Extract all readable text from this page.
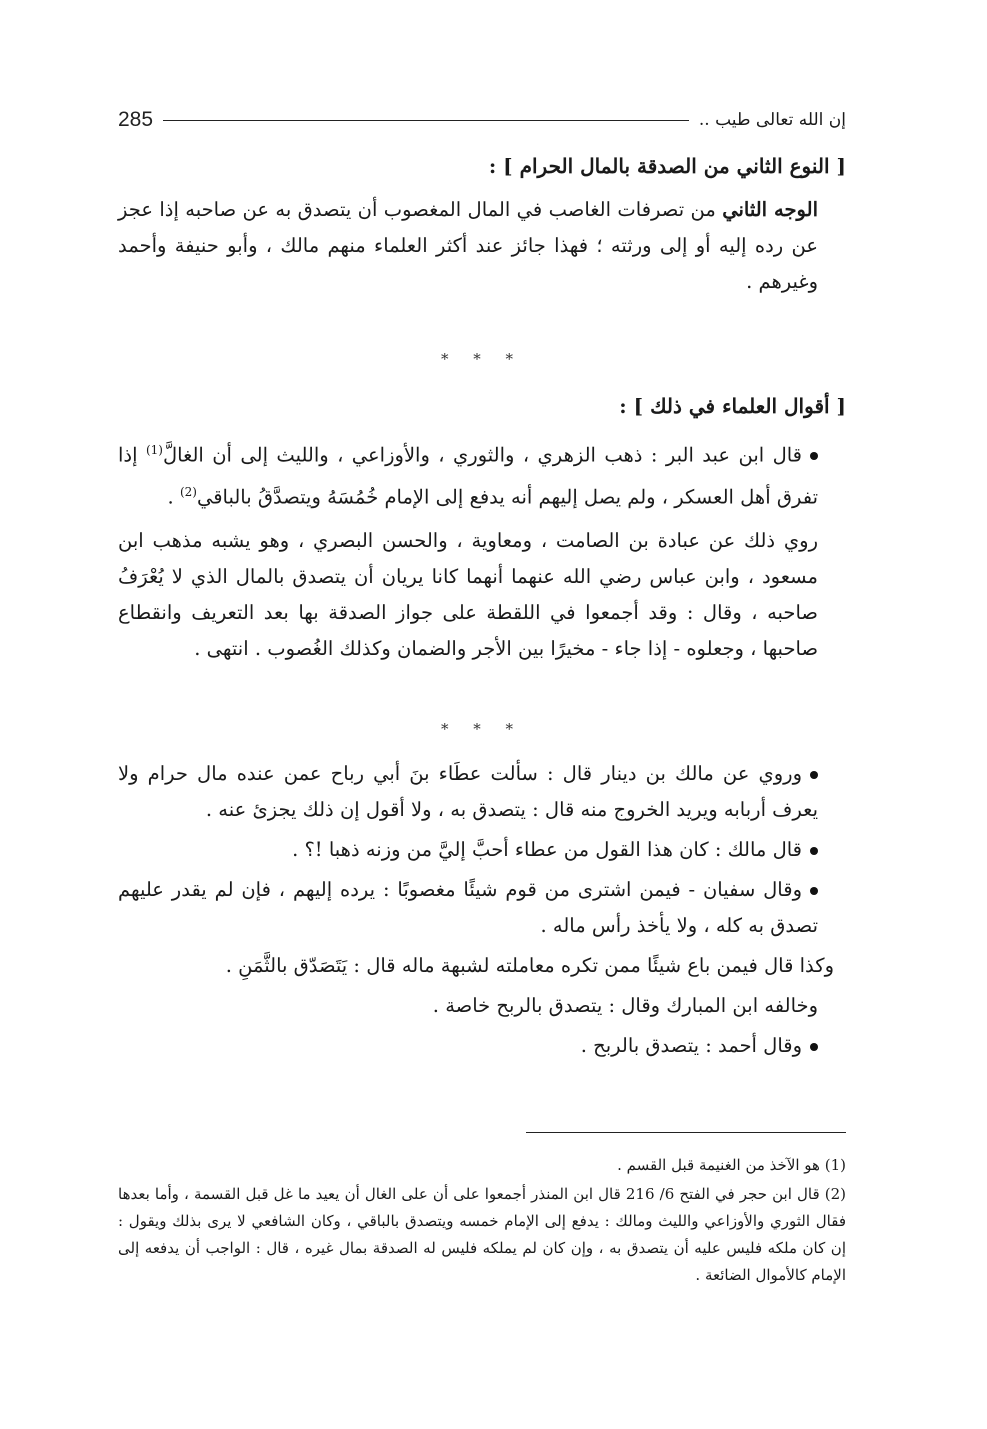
285	إن الله تعالى طيب ..
[ النوع الثاني من الصدقة بالمال الحرام ] :

الوجه الثاني من تصرفات الغاصب في المال المغصوب أن يتصدق به عن صاحبه إذا عجز عن رده إليه أو إلى ورثته ؛ فهذا جائز عند أكثر العلماء منهم مالك ، وأبو حنيفة وأحمد وغيرهم .

* * *
[ أقوال العلماء في ذلك ] :

قال ابن عبد البر : ذهب الزهري ، والثوري ، والأوزاعي ، والليث إلى أن الغالَّ$^{(1)}$ إذا تفرق أهل العسكر ، ولم يصل إليهم أنه يدفع إلى الإمام خُمُسَهُ ويتصدَّقُ بالباقي$^{(2)}$ .

روي ذلك عن عبادة بن الصامت ، ومعاوية ، والحسن البصري ، وهو يشبه مذهب ابن مسعود ، وابن عباس رضي الله عنهما أنهما كانا يريان أن يتصدق بالمال الذي لا يُعْرَفُ صاحبه ، وقال : وقد أجمعوا في اللقطة على جواز الصدقة بها بعد التعريف وانقطاع صاحبها ، وجعلوه - إذا جاء - مخيرًا بين الأجر والضمان وكذلك الغُصوب . انتهى .

* * *

وروي عن مالك بن دينار قال : سألت عطَاء بنَ أبي رباح عمن عنده مال حرام ولا يعرف أربابه ويريد الخروج منه قال : يتصدق به ، ولا أقول إن ذلك يجزئ عنه .

قال مالك : كان هذا القول من عطاء أحبَّ إليَّ من وزنه ذهبا !؟ .

وقال سفيان - فيمن اشترى من قوم شيئًا مغصوبًا : يرده إليهم ، فإن لم يقدر عليهم تصدق به كله ، ولا يأخذ رأس ماله .

وكذا قال فيمن باع شيئًا ممن تكره معاملته لشبهة ماله قال : يَتَصَدّق بالثَّمَنِ .

وخالفه ابن المبارك وقال : يتصدق بالربح خاصة .

وقال أحمد : يتصدق بالربح .

(1) هو الآخذ من الغنيمة قبل القسم .

(2) قال ابن حجر في الفتح 6/ 216 قال ابن المنذر أجمعوا على أن على الغال أن يعيد ما غل قبل القسمة ، وأما بعدها فقال الثوري والأوزاعي والليث ومالك : يدفع إلى الإمام خمسه ويتصدق بالباقي ، وكان الشافعي لا يرى بذلك ويقول : إن كان ملكه فليس عليه أن يتصدق به ، وإن كان لم يملكه فليس له الصدقة بمال غيره ، قال : الواجب أن يدفعه إلى الإمام كالأموال الضائعة .
